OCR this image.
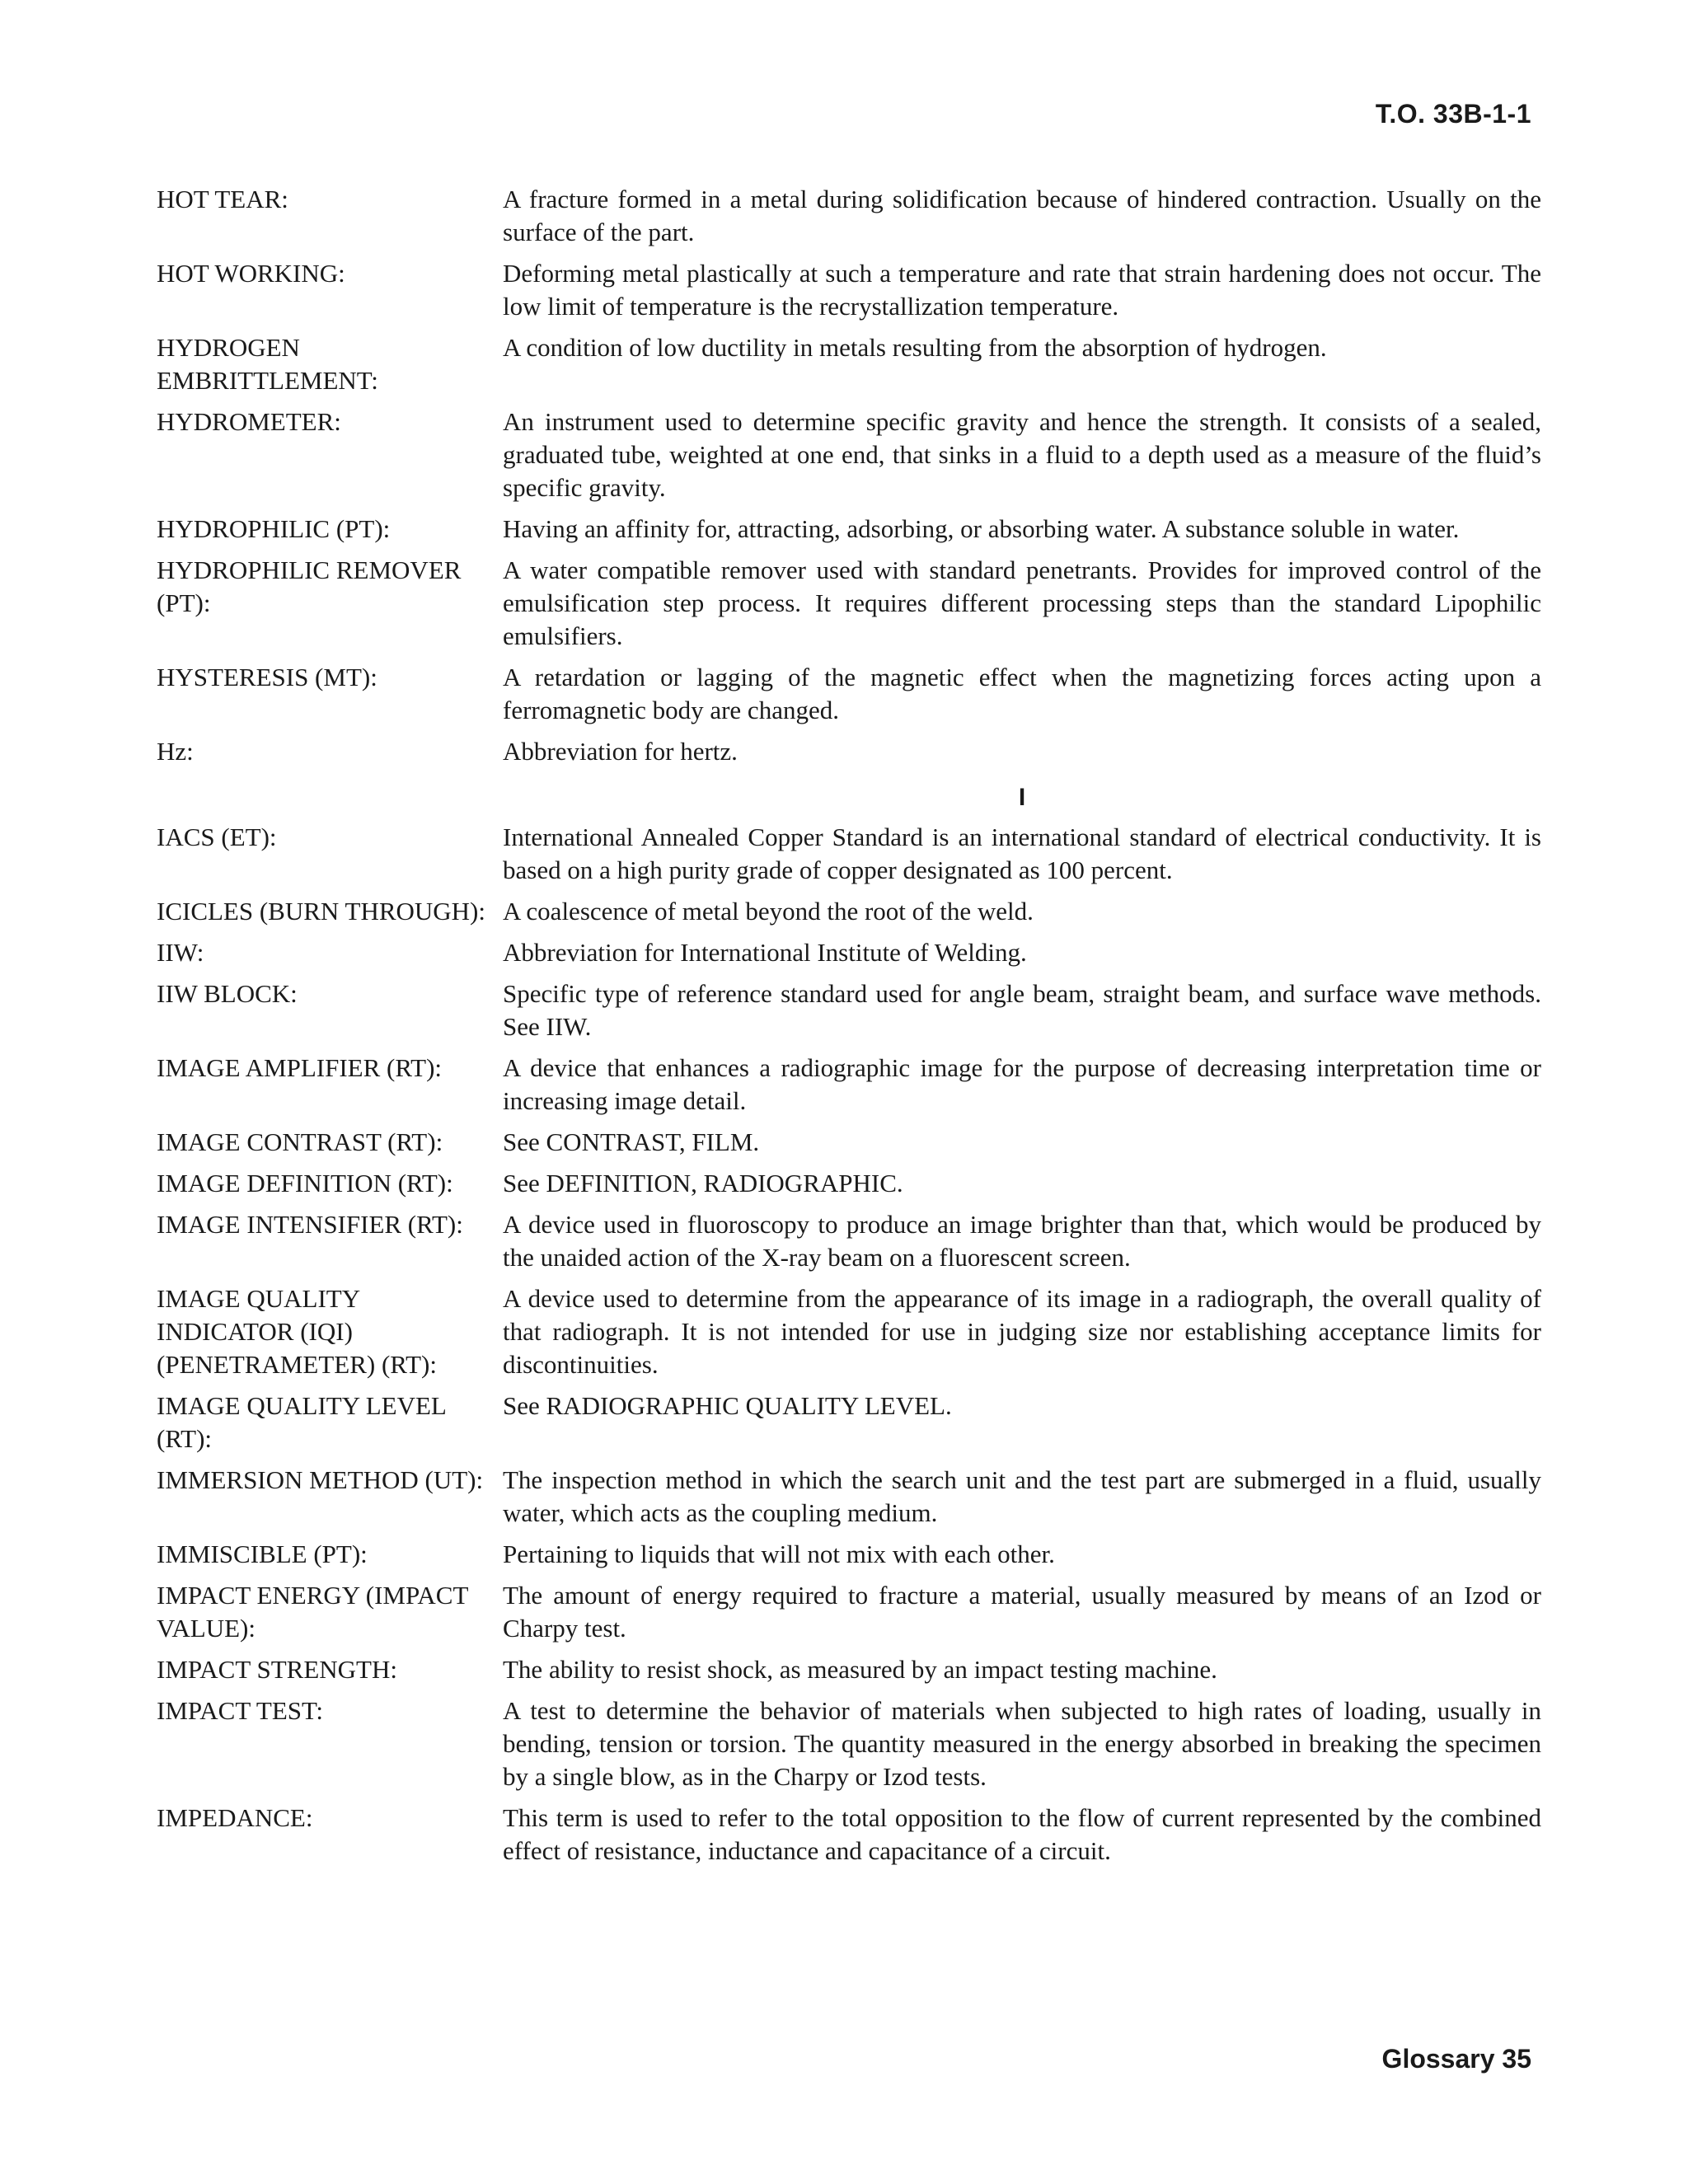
T.O. 33B-1-1
HOT TEAR:	A fracture formed in a metal during solidification because of hindered contraction. Usually on the surface of the part.
HOT WORKING:	Deforming metal plastically at such a temperature and rate that strain hardening does not occur. The low limit of temperature is the recrystallization temperature.
HYDROGEN EMBRITTLEMENT:
A condition of low ductility in metals resulting from the absorption of hydrogen.
HYDROMETER:	An instrument used to determine specific gravity and hence the strength. It consists of a sealed, graduated tube, weighted at one end, that sinks in a fluid to a depth used as a measure of the fluid’s specific gravity.
HYDROPHILIC (PT):	Having an affinity for, attracting, adsorbing, or absorbing water. A substance soluble in water.
HYDROPHILIC REMOVER (PT):
A water compatible remover used with standard penetrants. Provides for improved control of the emulsification step process. It requires different processing steps than the standard Lipophilic emulsifiers.
HYSTERESIS (MT):	A retardation or lagging of the magnetic effect when the magnetizing forces acting upon a ferromagnetic body are changed.
Hz:	Abbreviation for hertz.
I
IACS (ET):	International Annealed Copper Standard is an international standard of electrical conductivity. It is based on a high purity grade of copper designated as 100 percent.
ICICLES (BURN THROUGH): A coalescence of metal beyond the root of the weld.
IIW:	Abbreviation for International Institute of Welding.
IIW BLOCK:	Specific type of reference standard used for angle beam, straight beam, and surface wave methods. See IIW.
IMAGE AMPLIFIER (RT):	A device that enhances a radiographic image for the purpose of decreasing interpretation time or increasing image detail.
IMAGE CONTRAST (RT):	See CONTRAST, FILM.
IMAGE DEFINITION (RT):	See DEFINITION, RADIOGRAPHIC.
IMAGE INTENSIFIER (RT):	A device used in fluoroscopy to produce an image brighter than that, which would be produced by the unaided action of the X-ray beam on a fluorescent screen.
IMAGE QUALITY INDICATOR (IQI) (PENETRAMETER) (RT):
A device used to determine from the appearance of its image in a radiograph, the overall quality of that radiograph. It is not intended for use in judging size nor establishing acceptance limits for discontinuities.
IMAGE QUALITY LEVEL (RT):
See RADIOGRAPHIC QUALITY LEVEL.
IMMERSION METHOD (UT): The inspection method in which the search unit and the test part are submerged in a fluid, usually water, which acts as the coupling medium.
IMMISCIBLE (PT):	Pertaining to liquids that will not mix with each other.
IMPACT ENERGY (IMPACT VALUE):
The amount of energy required to fracture a material, usually measured by means of an Izod or Charpy test.
IMPACT STRENGTH:	The ability to resist shock, as measured by an impact testing machine.
IMPACT TEST:	A test to determine the behavior of materials when subjected to high rates of loading, usually in bending, tension or torsion. The quantity measured in the energy absorbed in breaking the specimen by a single blow, as in the Charpy or Izod tests.
IMPEDANCE:	This term is used to refer to the total opposition to the flow of current represented by the combined effect of resistance, inductance and capacitance of a circuit.
Glossary 35
